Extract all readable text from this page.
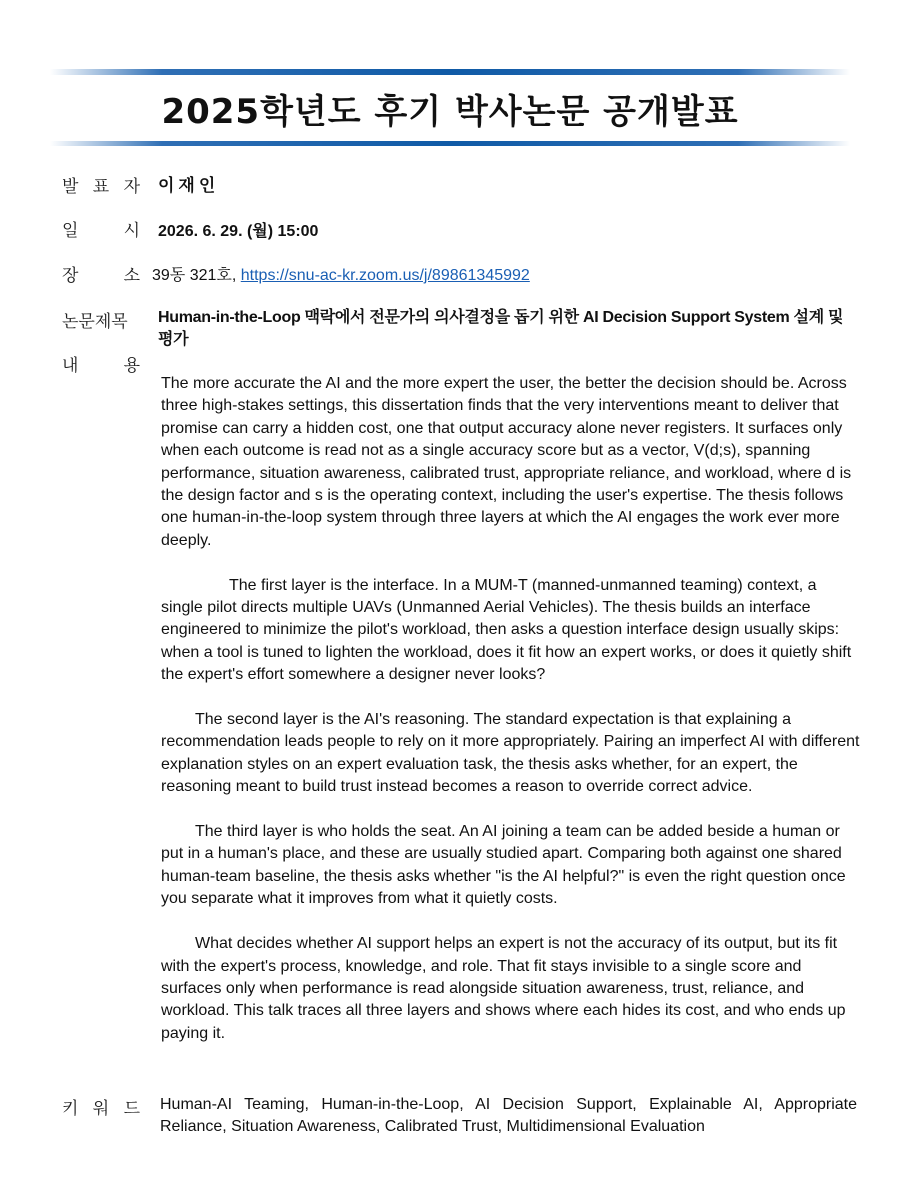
2025학년도 후기 박사논문 공개발표
발 표 자 이재인
일	시 2026. 6. 29. (월) 15:00
장	소 39동 321호, https://snu-ac-kr.zoom.us/j/89861345992
논문제목	Human-in-the-Loop 맥락에서 전문가의 의사결정을 돕기 위한 AI Decision Support System 설계 및 평가
내	용

The more accurate the AI and the more expert the user, the better the decision should be. Across three high-stakes settings, this dissertation finds that the very interventions meant to deliver that promise can carry a hidden cost, one that output accuracy alone never registers. It surfaces only when each outcome is read not as a single accuracy score but as a vector, V(d;s), spanning performance, situation awareness, calibrated trust, appropriate reliance, and workload, where d is the design factor and s is the operating context, including the user's expertise. The thesis follows one human-in-the-loop system through three layers at which the AI engages the work ever more deeply.

The first layer is the interface. In a MUM-T (manned-unmanned teaming) context, a single pilot directs multiple UAVs (Unmanned Aerial Vehicles). The thesis builds an interface engineered to minimize the pilot's workload, then asks a question interface design usually skips: when a tool is tuned to lighten the workload, does it fit how an expert works, or does it quietly shift the expert's effort somewhere a designer never looks?

The second layer is the AI's reasoning. The standard expectation is that explaining a recommendation leads people to rely on it more appropriately. Pairing an imperfect AI with different explanation styles on an expert evaluation task, the thesis asks whether, for an expert, the reasoning meant to build trust instead becomes a reason to override correct advice.

The third layer is who holds the seat. An AI joining a team can be added beside a human or put in a human's place, and these are usually studied apart. Comparing both against one shared human-team baseline, the thesis asks whether "is the AI helpful?" is even the right question once you separate what it improves from what it quietly costs.

What decides whether AI support helps an expert is not the accuracy of its output, but its fit with the expert's process, knowledge, and role. That fit stays invisible to a single score and surfaces only when performance is read alongside situation awareness, trust, reliance, and workload. This talk traces all three layers and shows where each hides its cost, and who ends up paying it.

키 워 드 Human-AI Teaming, Human-in-the-Loop, AI Decision Support, Explainable AI, Appropriate Reliance, Situation Awareness, Calibrated Trust, Multidimensional Evaluation
